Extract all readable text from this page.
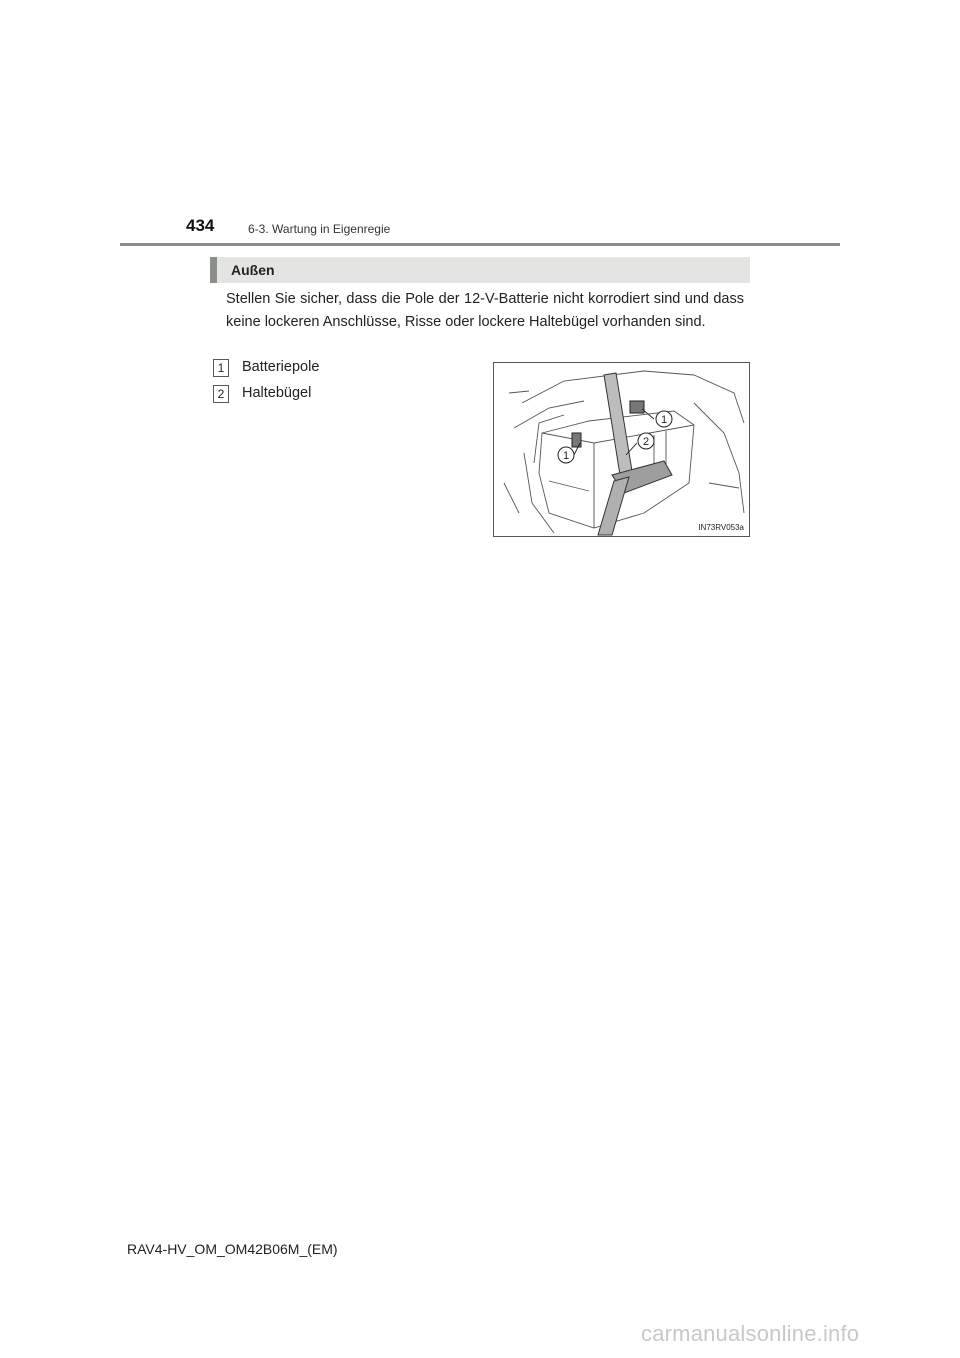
434	6-3. Wartung in Eigenregie
Außen
Stellen Sie sicher, dass die Pole der 12-V-Batterie nicht korrodiert sind und dass keine lockeren Anschlüsse, Risse oder lockere Haltebügel vorhanden sind.
1	Batteriepole
2	Haltebügel
1
1
2
IN73RV053a
RAV4-HV_OM_OM42B06M_(EM)
carmanualsonline.info
